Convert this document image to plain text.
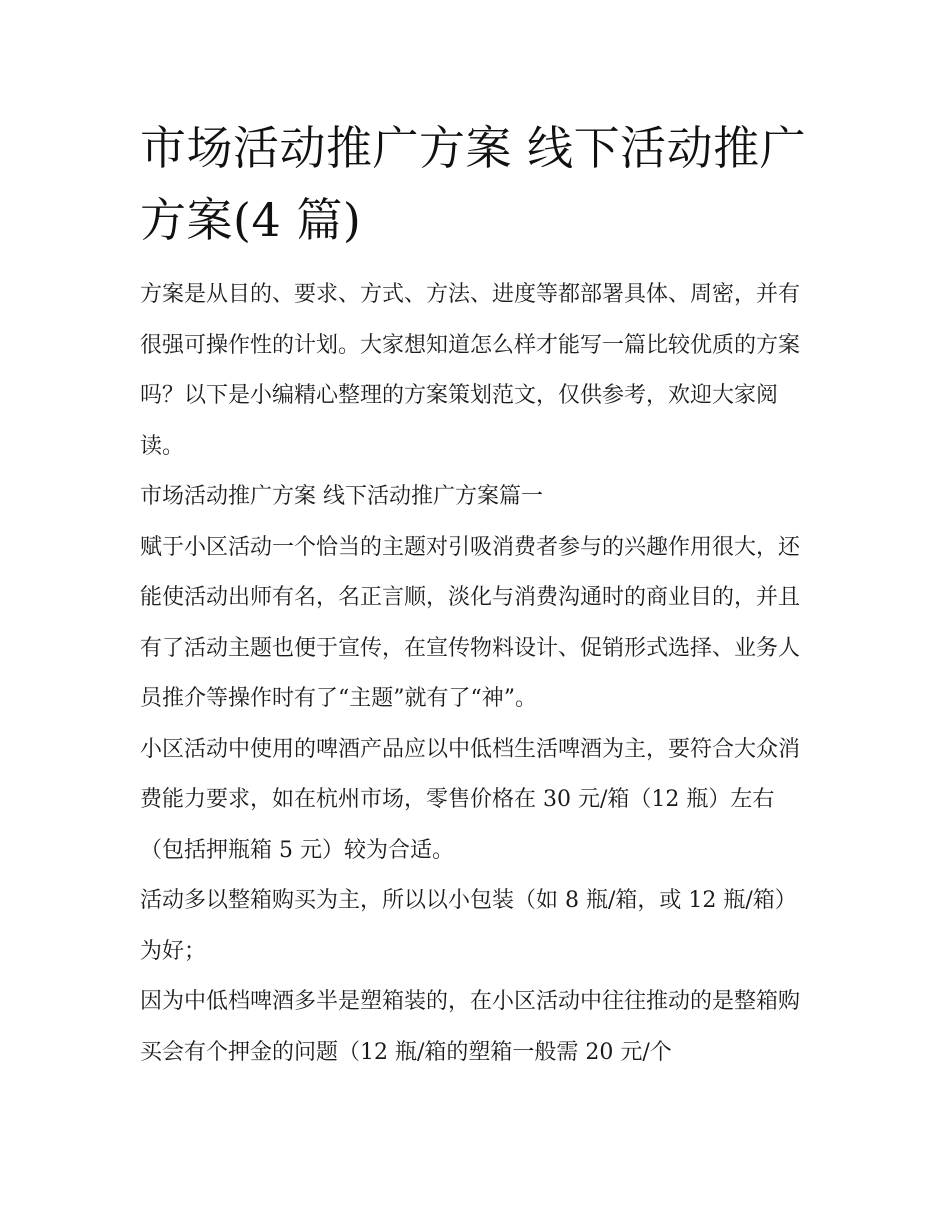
市场活动推广方案 线下活动推广方案(4 篇)

方案是从目的、要求、方式、方法、进度等都部署具体、周密，并有很强可操作性的计划。大家想知道怎么样才能写一篇比较优质的方案吗？以下是小编精心整理的方案策划范文，仅供参考，欢迎大家阅读。

市场活动推广方案 线下活动推广方案篇一

赋于小区活动一个恰当的主题对引吸消费者参与的兴趣作用很大，还能使活动出师有名，名正言顺，淡化与消费沟通时的商业目的，并且有了活动主题也便于宣传，在宣传物料设计、促销形式选择、业务人员推介等操作时有了“主题”就有了“神”。

小区活动中使用的啤酒产品应以中低档生活啤酒为主，要符合大众消费能力要求，如在杭州市场，零售价格在 30 元/箱（12 瓶）左右（包括押瓶箱 5 元）较为合适。

活动多以整箱购买为主，所以以小包装（如 8 瓶/箱，或 12 瓶/箱）为好；

因为中低档啤酒多半是塑箱装的，在小区活动中往往推动的是整箱购买会有个押金的问题（12 瓶/箱的塑箱一般需 20 元/个
